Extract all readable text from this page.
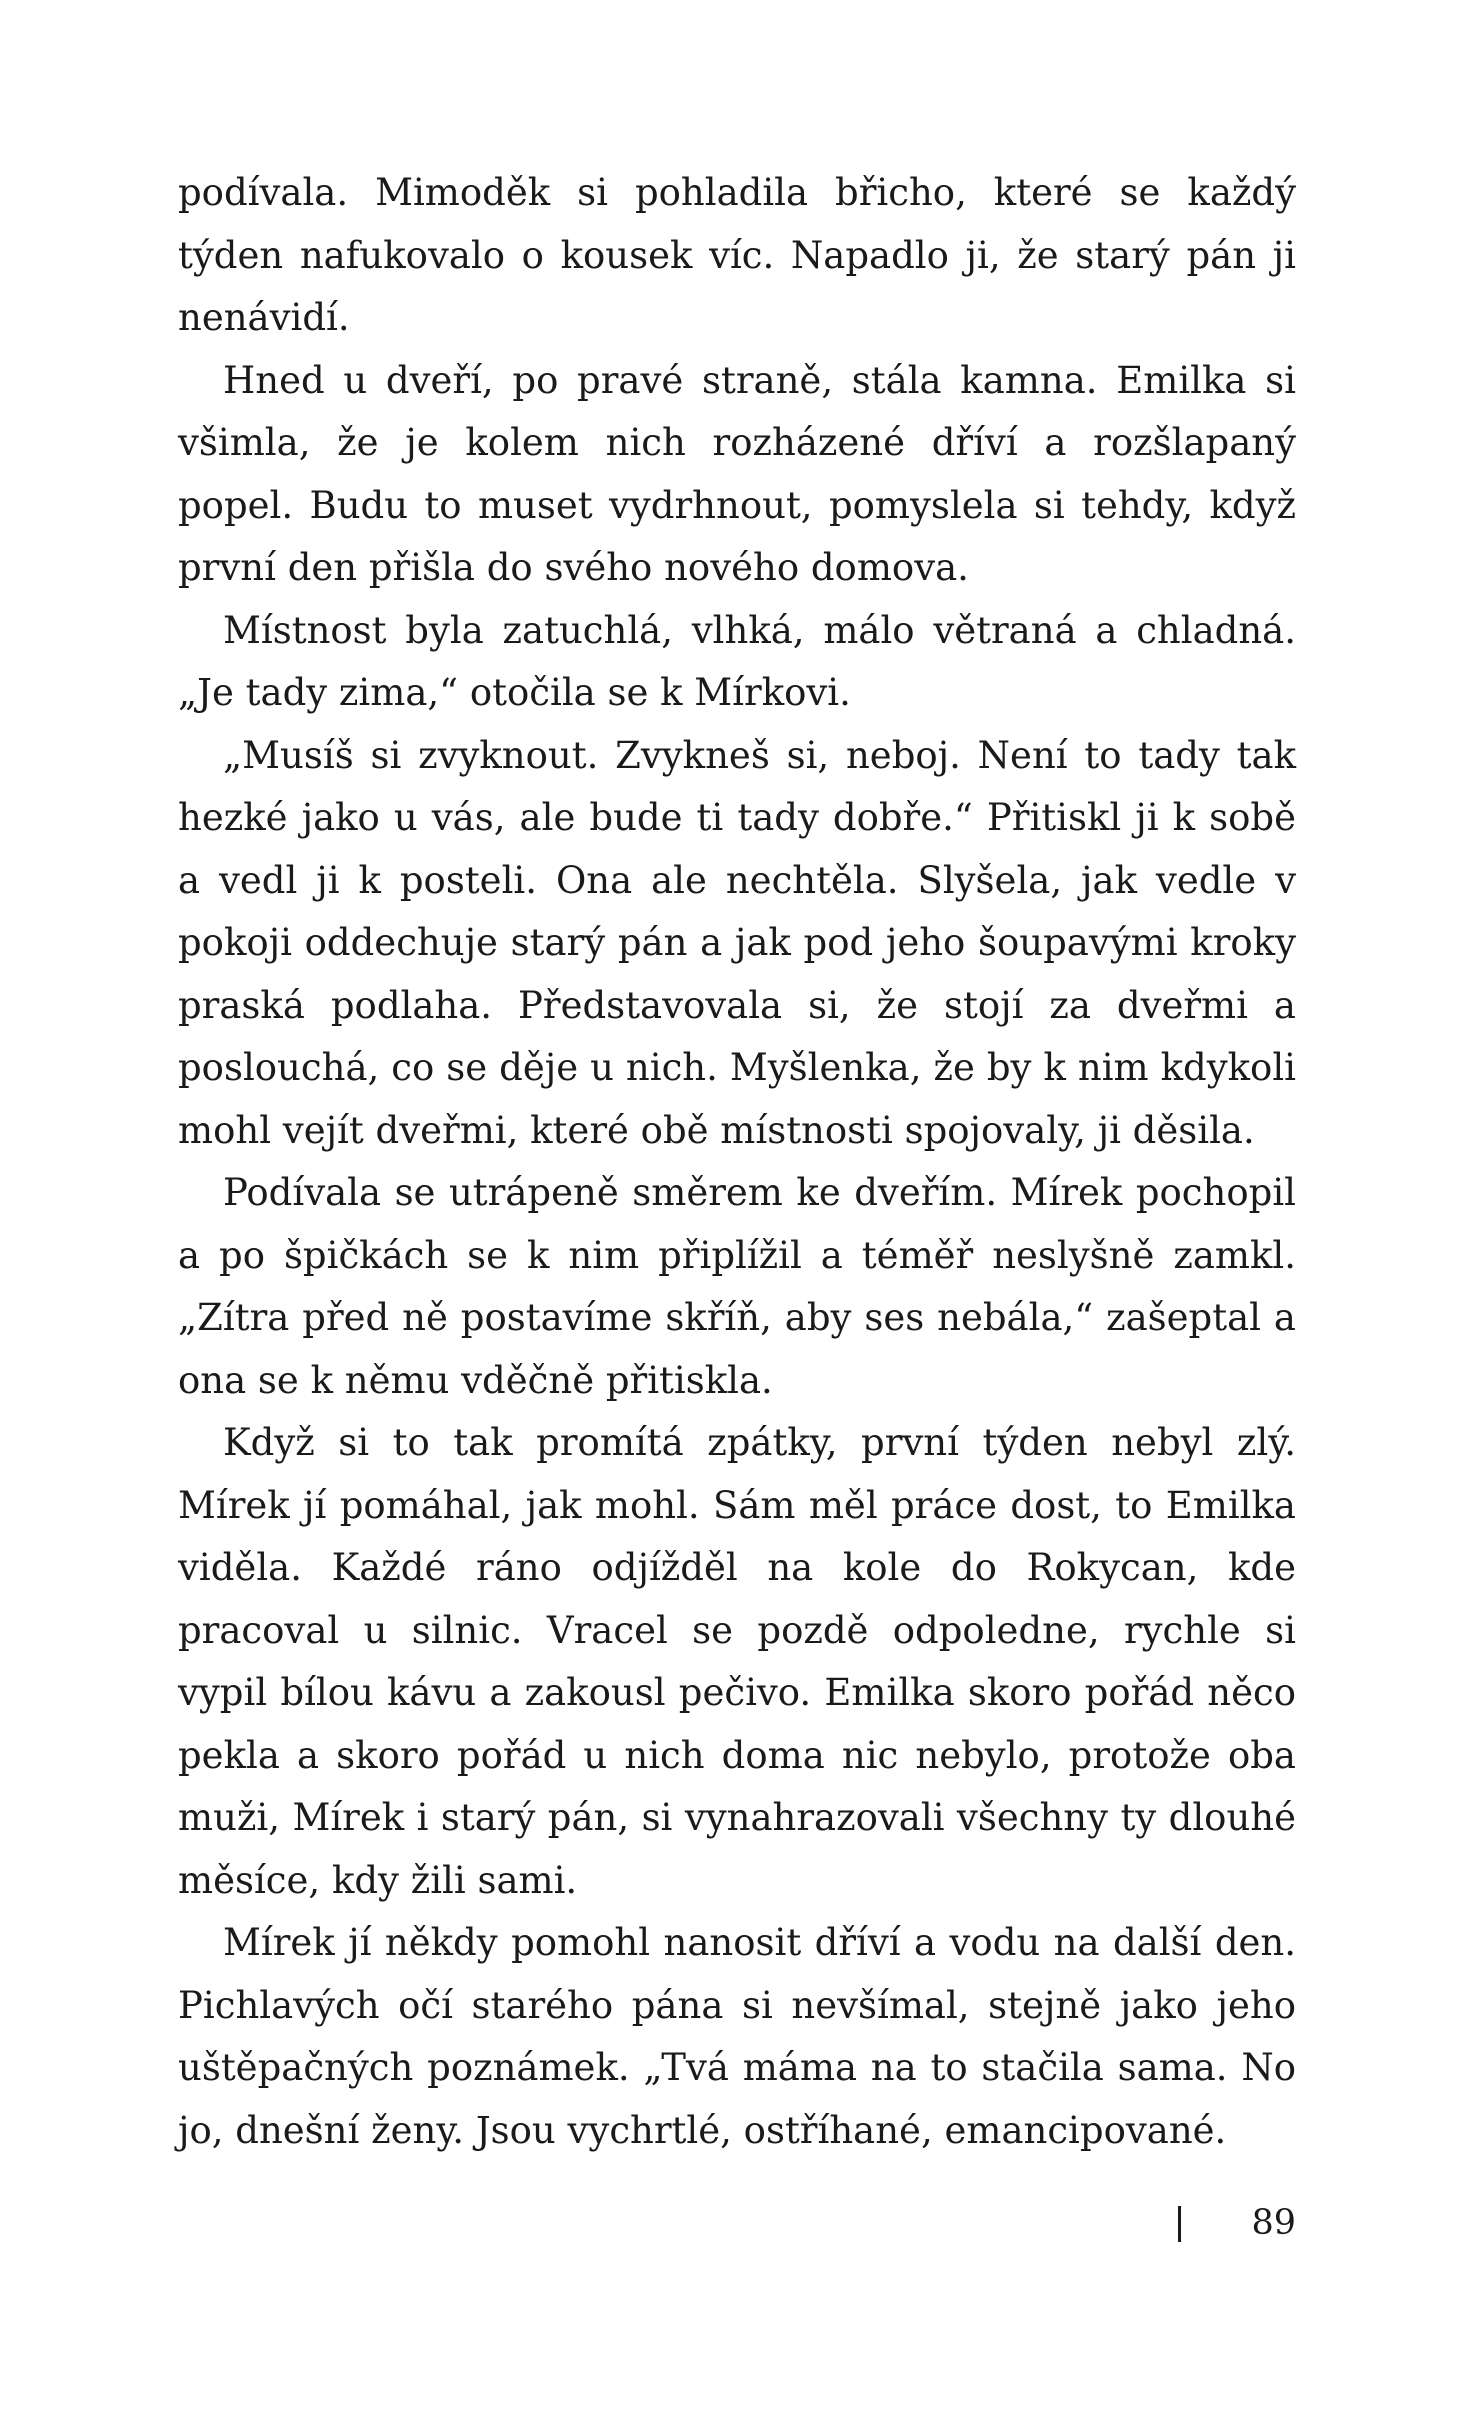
podívala. Mimoděk si pohladila břicho, které se každý týden nafukovalo o kousek víc. Napadlo ji, že starý pán ji nenávidí.

Hned u dveří, po pravé straně, stála kamna. Emilka si všimla, že je kolem nich rozházené dříví a rozšlapaný popel. Budu to muset vydrhnout, pomyslela si tehdy, když první den přišla do svého nového domova.

Místnost byla zatuchlá, vlhká, málo větraná a chladná. „Je tady zima,“ otočila se k Mírkovi.

„Musíš si zvyknout. Zvykneš si, neboj. Není to tady tak hezké jako u vás, ale bude ti tady dobře.“ Přitiskl ji k sobě a vedl ji k posteli. Ona ale nechtěla. Slyšela, jak vedle v pokoji oddechuje starý pán a jak pod jeho šoupavými kroky praská podlaha. Představovala si, že stojí za dveřmi a poslouchá, co se děje u nich. Myšlenka, že by k nim kdykoli mohl vejít dveřmi, které obě místnosti spojovaly, ji děsila.

Podívala se utrápeně směrem ke dveřím. Mírek pochopil a po špičkách se k nim připlížil a téměř neslyšně zamkl. „Zítra před ně postavíme skříň, aby ses nebála,“ zašeptal a ona se k němu vděčně přitiskla.

Když si to tak promítá zpátky, první týden nebyl zlý. Mírek jí pomáhal, jak mohl. Sám měl práce dost, to Emilka viděla. Každé ráno odjížděl na kole do Rokycan, kde pracoval u silnic. Vracel se pozdě odpoledne, rychle si vypil bílou kávu a zakousl pečivo. Emilka skoro pořád něco pekla a skoro pořád u nich doma nic nebylo, protože oba muži, Mírek i starý pán, si vynahrazovali všechny ty dlouhé měsíce, kdy žili sami.

Mírek jí někdy pomohl nanosit dříví a vodu na další den. Pichlavých očí starého pána si nevšímal, stejně jako jeho uštěpačných poznámek. „Tvá máma na to stačila sama. No jo, dnešní ženy. Jsou vychrtlé, ostříhané, emancipované.

89
